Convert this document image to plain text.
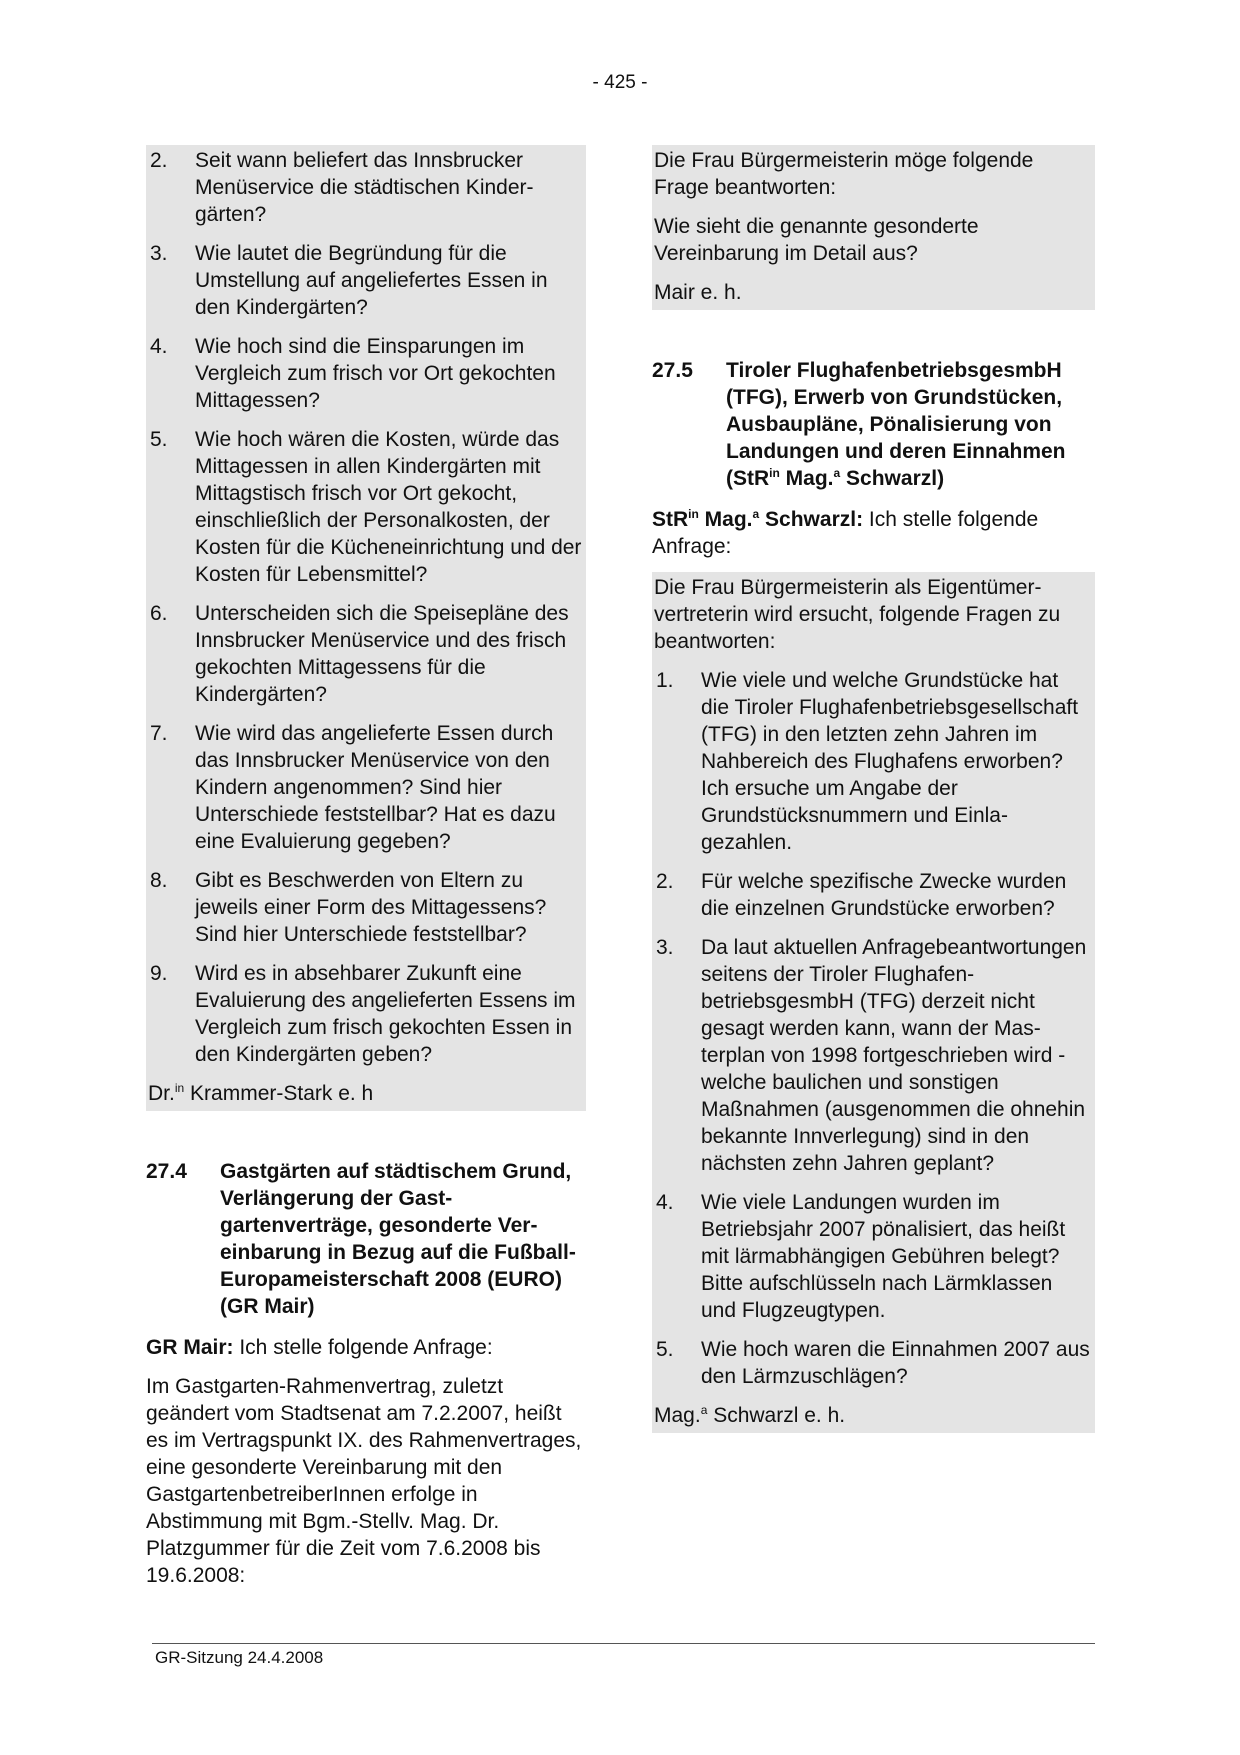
- 425 -
2. Seit wann beliefert das Innsbrucker Menüservice die städtischen Kindergärten?
3. Wie lautet die Begründung für die Umstellung auf angeliefertes Essen in den Kindergärten?
4. Wie hoch sind die Einsparungen im Vergleich zum frisch vor Ort gekochten Mittagessen?
5. Wie hoch wären die Kosten, würde das Mittagessen in allen Kindergärten mit Mittagstisch frisch vor Ort gekocht, einschließlich der Personalkosten, der Kosten für die Kücheneinrichtung und der Kosten für Lebensmittel?
6. Unterscheiden sich die Speisepläne des Innsbrucker Menüservice und des frisch gekochten Mittagessens für die Kindergärten?
7. Wie wird das angelieferte Essen durch das Innsbrucker Menüservice von den Kindern angenommen? Sind hier Unterschiede feststellbar? Hat es dazu eine Evaluierung gegeben?
8. Gibt es Beschwerden von Eltern zu jeweils einer Form des Mittagessens? Sind hier Unterschiede feststellbar?
9. Wird es in absehbarer Zukunft eine Evaluierung des angelieferten Essens im Vergleich zum frisch gekochten Essen in den Kindergärten geben?
Dr.$^{in}$ Krammer-Stark e. h
27.4 Gastgärten auf städtischem Grund, Verlängerung der Gastgartenverträge, gesonderte Vereinbarung in Bezug auf die Fußball-Europameisterschaft 2008 (EURO) (GR Mair)
GR Mair: Ich stelle folgende Anfrage:
Im Gastgarten-Rahmenvertrag, zuletzt geändert vom Stadtsenat am 7.2.2007, heißt es im Vertragspunkt IX. des Rahmenvertrages, eine gesonderte Vereinbarung mit den GastgartenbetreiberInnen erfolge in Abstimmung mit Bgm.-Stellv. Mag. Dr. Platzgummer für die Zeit vom 7.6.2008 bis 19.6.2008:
Die Frau Bürgermeisterin möge folgende Frage beantworten:
Wie sieht die genannte gesonderte Vereinbarung im Detail aus?
Mair e. h.
27.5 Tiroler FlughafenbetriebsgesmbH (TFG), Erwerb von Grundstücken, Ausbaupläne, Pönalisierung von Landungen und deren Einnahmen (StR$^{in}$ Mag.$^a$ Schwarzl)
StR$^{in}$ Mag.$^a$ Schwarzl: Ich stelle folgende Anfrage:
Die Frau Bürgermeisterin als Eigentümervertreterin wird ersucht, folgende Fragen zu beantworten:
1. Wie viele und welche Grundstücke hat die Tiroler Flughafenbetriebsgesellschaft (TFG) in den letzten zehn Jahren im Nahbereich des Flughafens erworben? Ich ersuche um Angabe der Grundstücksnummern und Einlagezahlen.
2. Für welche spezifische Zwecke wurden die einzelnen Grundstücke erworben?
3. Da laut aktuellen Anfragebeantwortungen seitens der Tiroler FlughafenbetriebsgesmbH (TFG) derzeit nicht gesagt werden kann, wann der Masterplan von 1998 fortgeschrieben wird - welche baulichen und sonstigen Maßnahmen (ausgenommen die ohnehin bekannte Innverlegung) sind in den nächsten zehn Jahren geplant?
4. Wie viele Landungen wurden im Betriebsjahr 2007 pönalisiert, das heißt mit lärmabhängigen Gebühren belegt? Bitte aufschlüsseln nach Lärmklassen und Flugzeugtypen.
5. Wie hoch waren die Einnahmen 2007 aus den Lärmzuschlägen?
Mag.$^a$ Schwarzl e. h.
GR-Sitzung 24.4.2008
